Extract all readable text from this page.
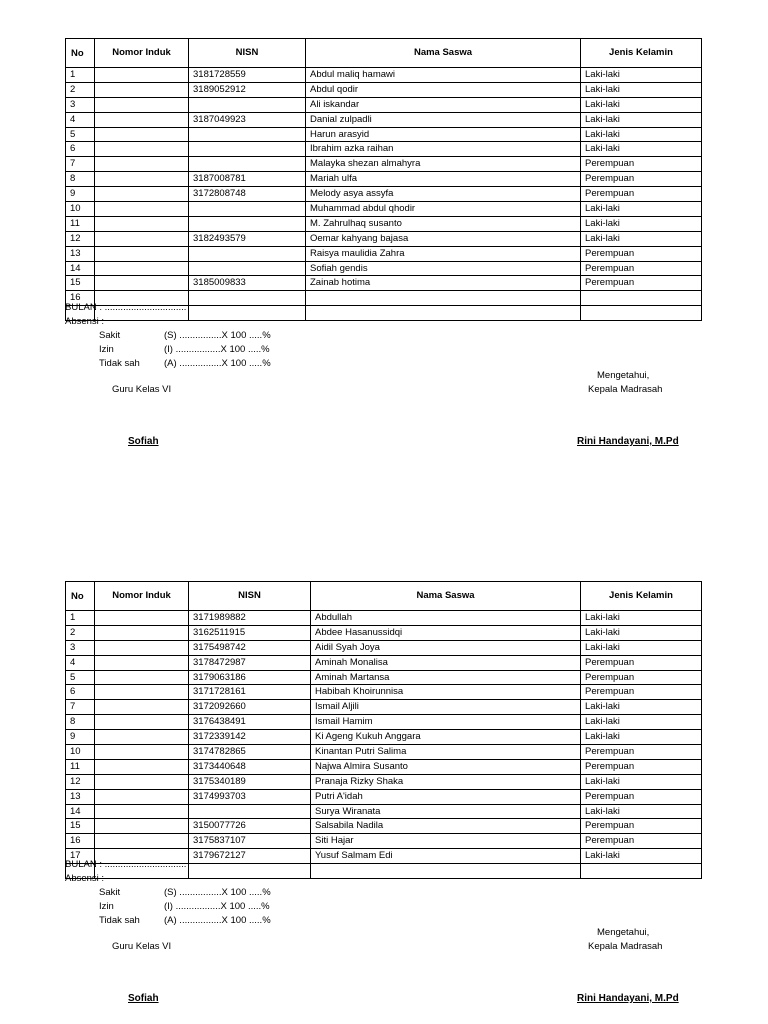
No	Nomor Induk	NISN	Nama Saswa	Jenis Kelamin
1		3181728559	Abdul maliq hamawi	Laki-laki
2		3189052912	Abdul qodir	Laki-laki
3			Ali iskandar	Laki-laki
4		3187049923	Danial zulpadli	Laki-laki
5			Harun arasyid	Laki-laki
6			Ibrahim azka raihan	Laki-laki
7			Malayka shezan almahyra	Perempuan
8		3187008781	Mariah ulfa	Perempuan
9		3172808748	Melody asya assyfa	Perempuan
10			Muhammad abdul qhodir	Laki-laki
11			M. Zahrulhaq susanto	Laki-laki
12		3182493579	Oemar kahyang bajasa	Laki-laki
13			Raisya maulidia Zahra	Perempuan
14			Sofiah gendis	Perempuan
15		3185009833	Zainab hotima	Perempuan
16				

BULAN : ...............................
Absensi :
Sakit	(S) ................X 100 .....%
Izin	(I) .................X 100 .....%
Tidak sah	(A) ................X 100 .....%
Mengetahui,
Guru Kelas VI	Kepala Madrasah
Sofiah	Rini Handayani, M.Pd
No	Nomor Induk	NISN	Nama Saswa	Jenis Kelamin
1		3171989882	Abdullah	Laki-laki
2		3162511915	Abdee Hasanussidqi	Laki-laki
3		3175498742	Aidil Syah Joya	Laki-laki
4		3178472987	Aminah Monalisa	Perempuan
5		3179063186	Aminah Martansa	Perempuan
6		3171728161	Habibah Khoirunnisa	Perempuan
7		3172092660	Ismail Aljili	Laki-laki
8		3176438491	Ismail Hamim	Laki-laki
9		3172339142	Ki Ageng Kukuh Anggara	Laki-laki
10		3174782865	Kinantan Putri Salima	Perempuan
11		3173440648	Najwa Almira Susanto	Perempuan
12		3175340189	Pranaja Rizky Shaka	Laki-laki
13		3174993703	Putri A'idah	Perempuan
14			Surya Wiranata	Laki-laki
15		3150077726	Salsabila Nadila	Perempuan
16		3175837107	Siti Hajar	Perempuan
17		3179672127	Yusuf Salmam Edi	Laki-laki

BULAN : ...............................
Absensi :
Sakit	(S) ................X 100 .....%
Izin	(I) .................X 100 .....%
Tidak sah	(A) ................X 100 .....%
Mengetahui,
Guru Kelas VI	Kepala Madrasah
Sofiah	Rini Handayani, M.Pd
